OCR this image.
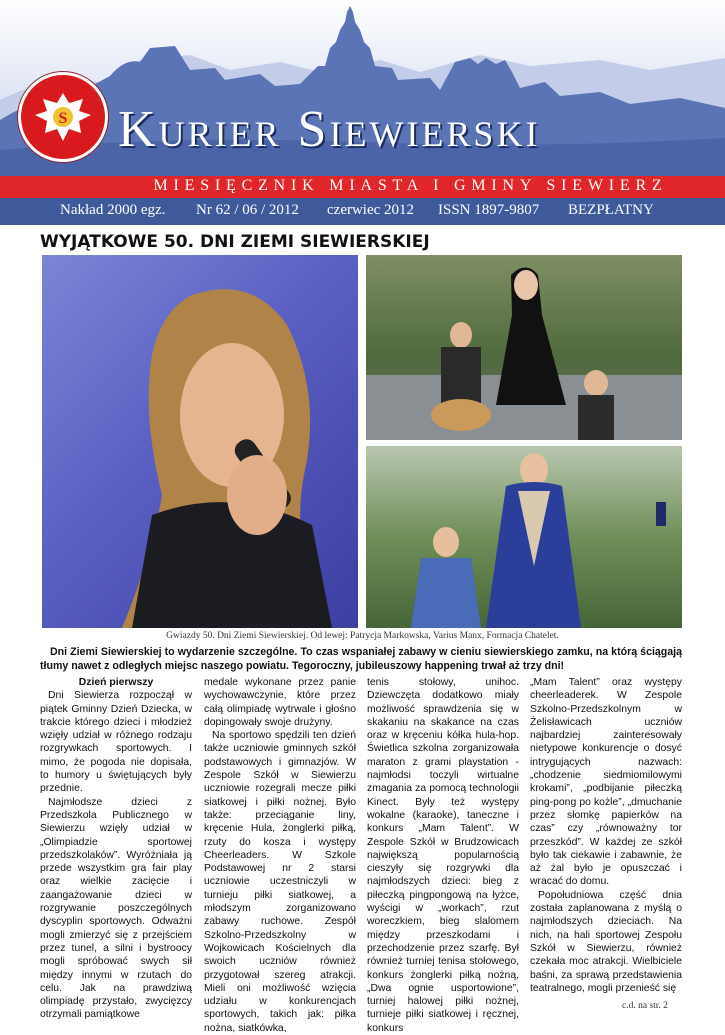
S Kurier Siewierski
MIESIĘCZNIK MIASTA I GMINY SIEWIERZ
Nakład 2000 egz. Nr 62 / 06 / 2012 czerwiec 2012 ISSN 1897-9807 BEZPŁATNY
WYJĄTKOWE 50. DNI ZIEMI SIEWIERSKIEJ
Gwiazdy 50. Dni Ziemi Siewierskiej. Od lewej: Patrycja Markowska, Varius Manx, Formacja Chatelet.
Dni Ziemi Siewierskiej to wydarzenie szczególne. To czas wspaniałej zabawy w cieniu siewierskiego zamku, na którą ściągają tłumy nawet z odległych miejsc naszego powiatu. Tegoroczny, jubileuszowy happening trwał aż trzy dni!

Dzień pierwszy

Dni Siewierza rozpoczął w piątek Gminny Dzień Dziecka, w trakcie którego dzieci i młodzież wzięły udział w różnego rodzaju rozgrywkach sportowych. I mimo, że pogoda nie dopisała, to humory u świętujących były przednie.

Najmłodsze dzieci z Przedszkola Publicznego w Siewierzu wzięły udział w „Olimpiadzie sportowej przedszkolaków”. Wyróżniała ją przede wszystkim gra fair play oraz wielkie zacięcie i zaangażowanie dzieci w rozgrywanie poszczególnych dyscyplin sportowych. Odważni mogli zmierzyć się z przejściem przez tunel, a silni i bystroocy mogli spróbować swych sił między innymi w rzutach do celu. Jak na prawdziwą olimpiadę przystało, zwycięzcy otrzymali pamiątkowe

medale wykonane przez panie wychowawczynie, które przez całą olimpiadę wytrwale i głośno dopingowały swoje drużyny.

Na sportowo spędzili ten dzień także uczniowie gminnych szkół podstawowych i gimnazjów. W Zespole Szkół w Siewierzu uczniowie rozegrali mecze piłki siatkowej i piłki nożnej. Było także: przeciąganie liny, kręcenie Hula, żonglerki piłką, rzuty do kosza i występy Cheerleaders. W Szkole Podstawowej nr 2 starsi uczniowie uczestniczyli w turnieju piłki siatkowej, a młodszym zorganizowano zabawy ruchowe. Zespół Szkolno-Przedszkolny w Wojkowicach Kościelnych dla swoich uczniów również przygotował szereg atrakcji. Mieli oni możliwość wzięcia udziału w konkurencjach sportowych, takich jak: piłka nożna, siatkówka,

tenis stołowy, unihoc. Dziewczęta dodatkowo miały możliwość sprawdzenia się w skakaniu na skakance na czas oraz w kręceniu kółka hula-hop. Świetlica szkolna zorganizowała maraton z grami playstation - najmłodsi toczyli wirtualne zmagania za pomocą technologii Kinect. Były też występy wokalne (karaoke), taneczne i konkurs „Mam Talent”. W Zespole Szkół w Brudzowicach największą popularnością cieszyły się rozgrywki dla najmłodszych dzieci: bieg z piłeczką pingpongową na łyżce, wyścigi w „workach”, rzut woreczkiem, bieg slalomem między przeszkodami i przechodzenie przez szarfę. Był również turniej tenisa stołowego, konkurs żonglerki piłką nożną, „Dwa ognie usportowione”, turniej halowej piłki nożnej, turnieje piłki siatkowej i ręcznej, konkurs

„Mam Talent” oraz występy cheerleaderek. W Zespole Szkolno-Przedszkolnym w Żelisławicach uczniów najbardziej zainteresowały nietypowe konkurencje o dosyć intrygujących nazwach: „chodzenie siedmiomilowymi krokami”, „podbijanie piłeczką ping-pong po kożle”, „dmuchanie przez słomkę papierków na czas” czy „równoważny tor przeszkód”. W każdej ze szkół było tak ciekawie i zabawnie, że aż żal było je opuszczać i wracać do domu.

Popołudniowa część dnia została zaplanowana z myślą o najmłodszych dzieciach. Na nich, na hali sportowej Zespołu Szkół w Siewierzu, również czekała moc atrakcji. Wielbiciele baśni, za sprawą przedstawienia teatralnego, mogli przenieść się

c.d. na str. 2
